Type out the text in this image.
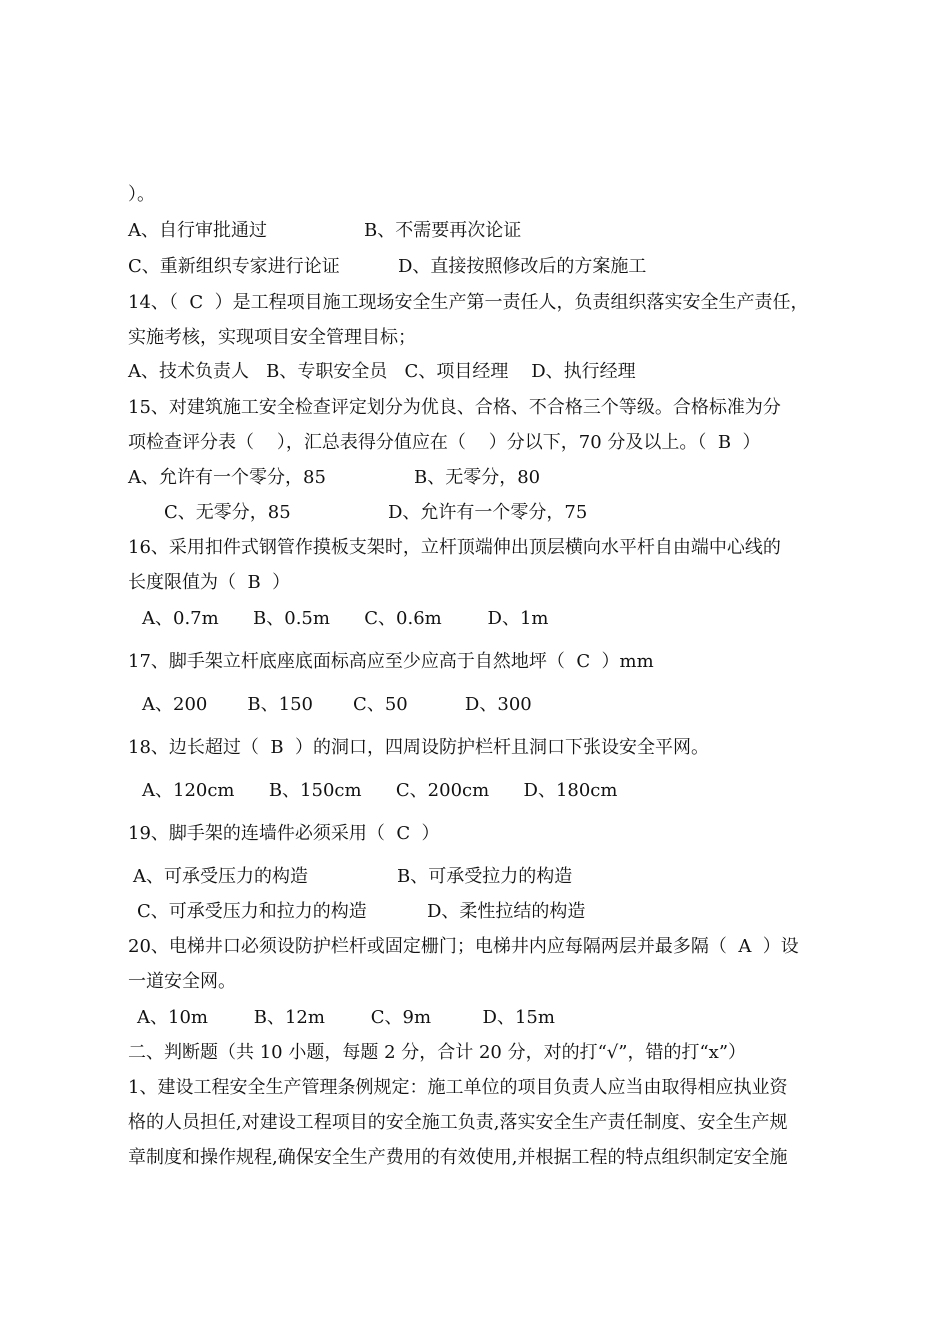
）。
A、自行审批通过	B、不需要再次论证
C、重新组织专家进行论证	D、直接按照修改后的方案施工
14、（  C  ）是工程项目施工现场安全生产第一责任人，负责组织落实安全生产责任，
实施考核，实现项目安全管理目标；
A、技术负责人   B、专职安全员   C、项目经理    D、执行经理
15、对建筑施工安全检查评定划分为优良、合格、不合格三个等级。合格标准为分
项检查评分表（    ），汇总表得分值应在（    ）分以下，70 分及以上。（  B  ）
A、允许有一个零分，85	B、无零分，80
C、无零分，85	D、允许有一个零分，75
16、采用扣件式钢管作摸板支架时，立杆顶端伸出顶层横向水平杆自由端中心线的
长度限值为（  B  ）
A、0.7m      B、0.5m      C、0.6m        D、1m
17、脚手架立杆底座底面标高应至少应高于自然地坪（  C  ）mm
A、200       B、150       C、50          D、300
18、边长超过（  B  ）的洞口，四周设防护栏杆且洞口下张设安全平网。
A、120cm      B、150cm      C、200cm      D、180cm
19、脚手架的连墙件必须采用（  C  ）
A、可承受压力的构造	B、可承受拉力的构造
C、可承受压力和拉力的构造	D、柔性拉结的构造
20、电梯井口必须设防护栏杆或固定栅门；电梯井内应每隔两层并最多隔（  A  ）设
一道安全网。
A、10m        B、12m        C、9m         D、15m
二、判断题（共 10 小题，每题 2 分，合计 20 分，对的打“√”，错的打“x”）
1、建设工程安全生产管理条例规定：施工单位的项目负责人应当由取得相应执业资
格的人员担任,对建设工程项目的安全施工负责,落实安全生产责任制度、安全生产规
章制度和操作规程,确保安全生产费用的有效使用,并根据工程的特点组织制定安全施
